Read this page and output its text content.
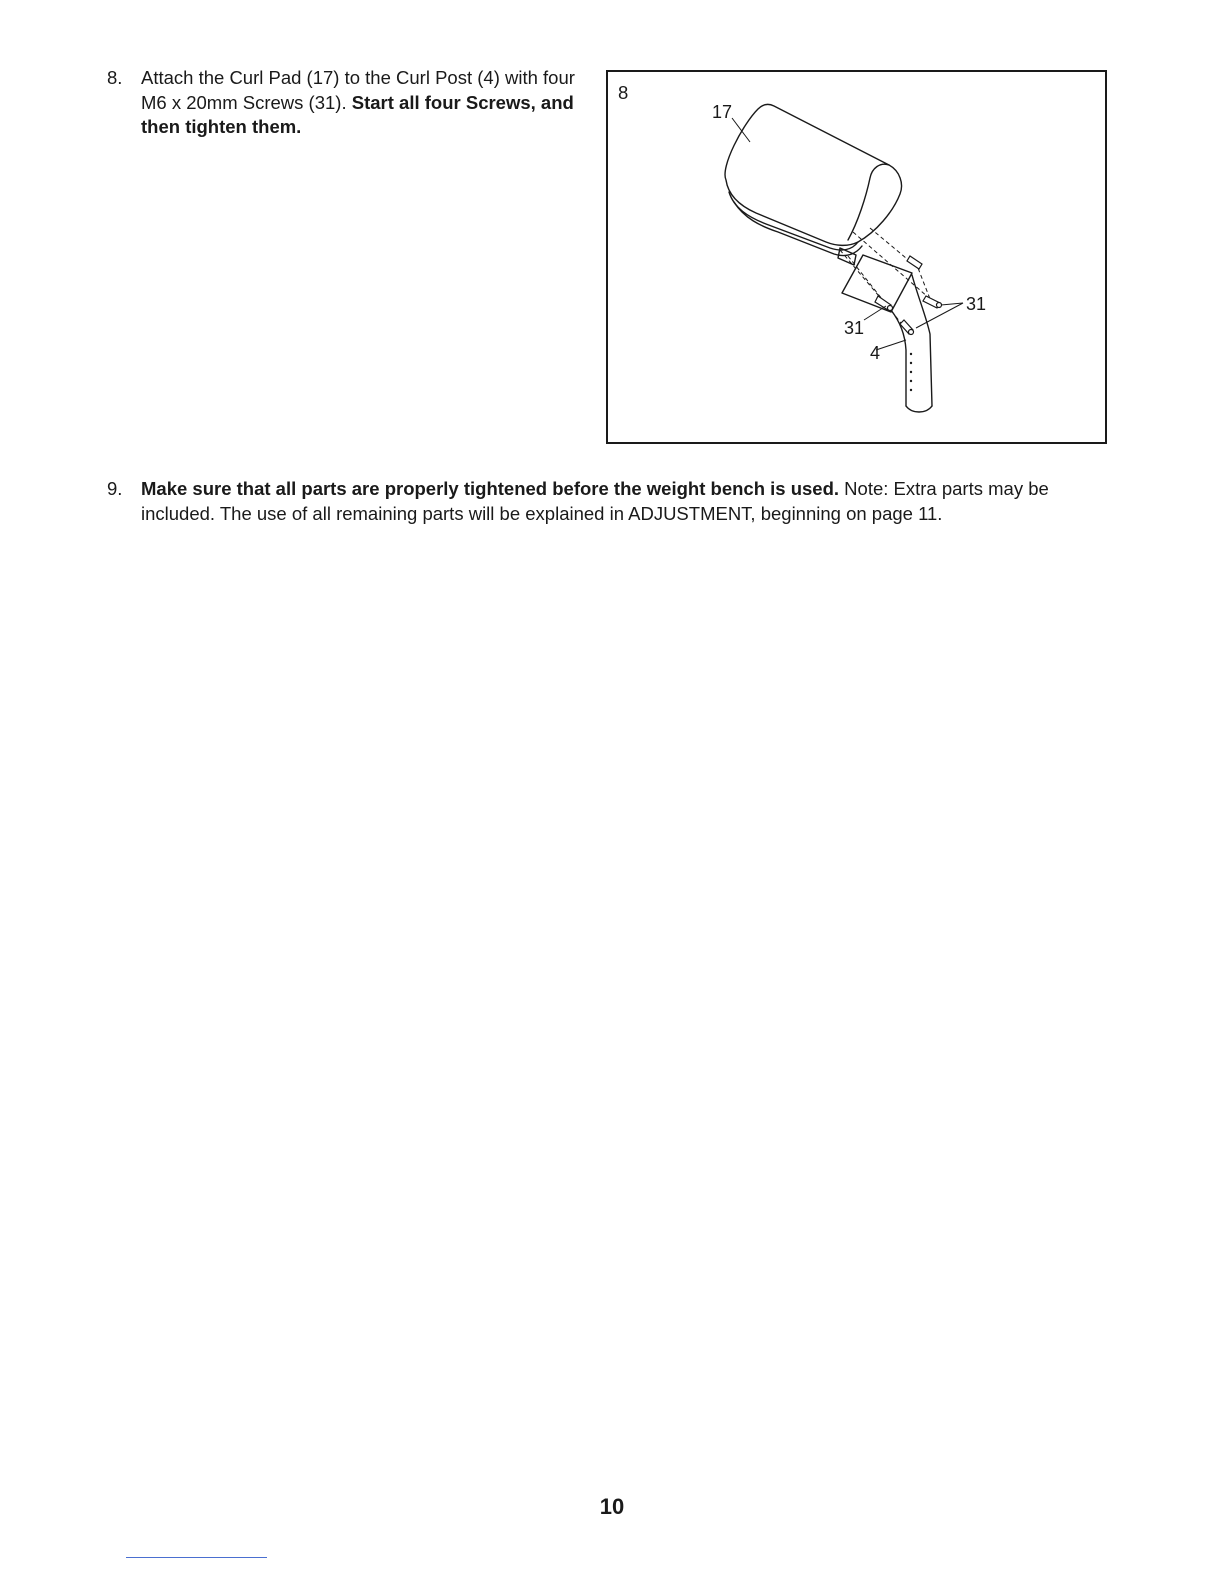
8. Attach the Curl Pad (17) to the Curl Post (4) with four M6 x 20mm Screws (31). Start all four Screws, and then tighten them.
8
17
31
31
4
9. Make sure that all parts are properly tightened before the weight bench is used. Note: Extra parts may be included. The use of all remaining parts will be explained in ADJUSTMENT, beginning on page 11.
10
